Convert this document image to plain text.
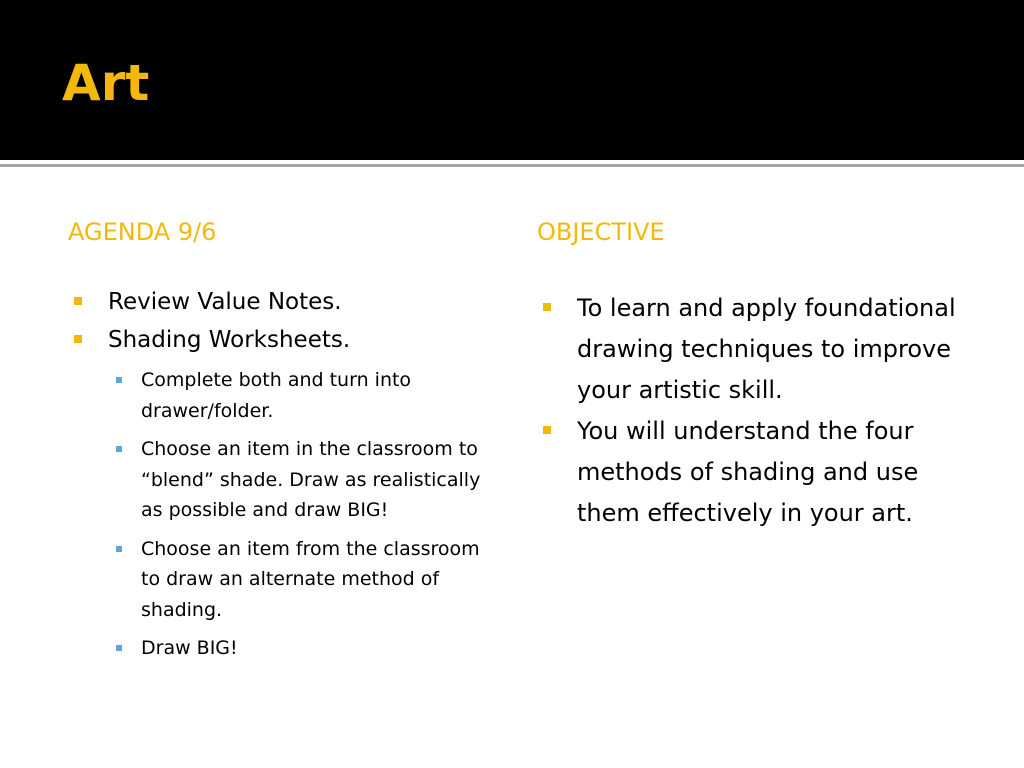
Art
AGENDA 9/6	OBJECTIVE
Review Value Notes.
Shading Worksheets.
Complete both and turn into drawer/folder.
Choose an item in the classroom to “blend” shade. Draw as realistically as possible and draw BIG!
Choose an item from the classroom to draw an alternate method of shading.
Draw BIG!
To learn and apply foundational drawing techniques to improve your artistic skill.
You will understand the four methods of shading and use them effectively in your art.
